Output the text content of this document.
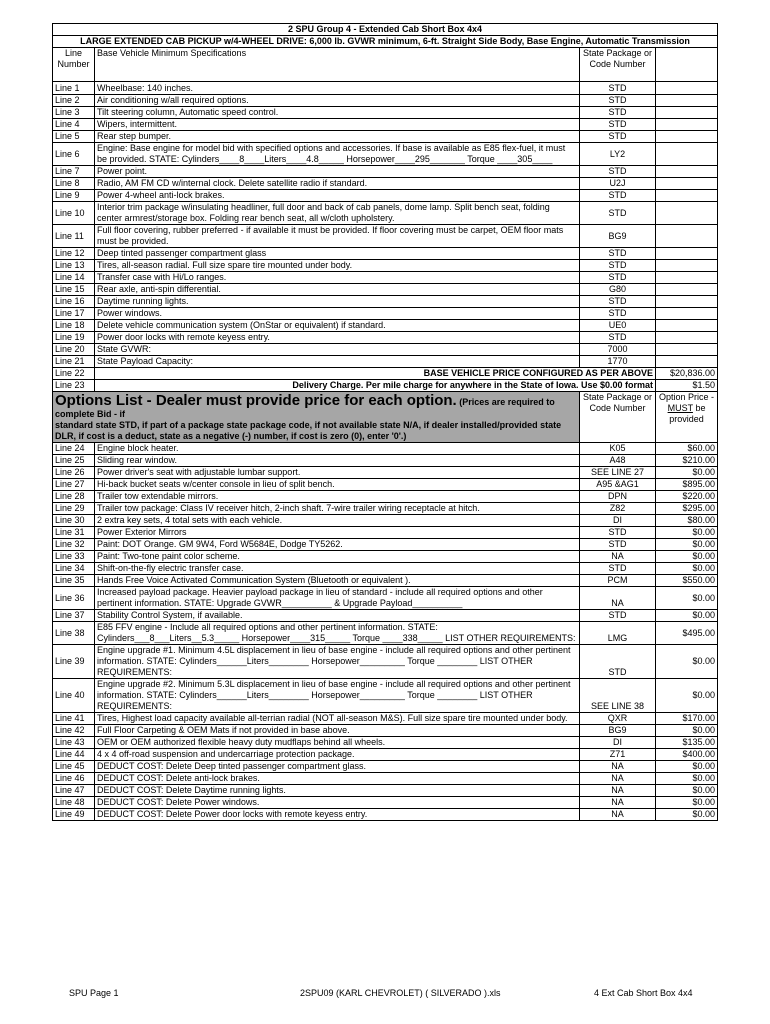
2 SPU Group 4 - Extended Cab Short Box 4x4			
LARGE EXTENDED CAB PICKUP w/4-WHEEL DRIVE: 6,000 lb. GVWR minimum, 6-ft. Straight Side Body, Base Engine, Automatic Transmission			
Line Number	Base Vehicle Minimum Specifications	State Package or Code Number	
Line 1	Wheelbase: 140 inches.	STD	
Line 2	Air conditioning w/all required options.	STD	
Line 3	Tilt steering column, Automatic speed control.	STD	
Line 4	Wipers, intermittent.	STD	
Line 5	Rear step bumper.	STD	
Line 6	Engine: Base engine for model bid with specified options and accessories. If base is available as E85 flex-fuel, it must be provided. STATE: Cylinders____8____Liters____4.8_____ Horsepower____295_______ Torque ____305____	LY2	
Line 7	Power point.	STD	
Line 8	Radio, AM FM CD w/internal clock. Delete satellite radio if standard.	U2J	
Line 9	Power 4-wheel anti-lock brakes.	STD	
Line 10	Interior trim package w/insulating headliner, full door and back of cab panels, dome lamp. Split bench seat, folding center armrest/storage box. Folding rear bench seat, all w/cloth upholstery.	STD	
Line 11	Full floor covering, rubber preferred - if available it must be provided. If floor covering must be carpet, OEM floor mats must be provided.	BG9	
Line 12	Deep tinted passenger compartment glass	STD	
Line 13	Tires, all-season radial. Full size spare tire mounted under body.	STD	
Line 14	Transfer case with Hi/Lo ranges.	STD	
Line 15	Rear axle, anti-spin differential.	G80	
Line 16	Daytime running lights.	STD	
Line 17	Power windows.	STD	
Line 18	Delete vehicle communication system (OnStar or equivalent) if standard.	UE0	
Line 19	Power door locks with remote keyess entry.	STD	
Line 20	State GVWR:	7000	
Line 21	State Payload Capacity:	1770	
Line 22	BASE VEHICLE PRICE CONFIGURED AS PER ABOVE		$20,836.00
Line 23	Delivery Charge. Per mile charge for anywhere in the State of Iowa. Use $0.00 format		$1.50
Options List - Dealer must provide price for each option. (Prices are required to complete Bid - if
standard state STD, if part of a package state package code, if not available state N/A, if dealer installed/provided state DLR, if cost is a deduct, state as a negative (-) number, if cost is zero (0), enter '0'.)		State Package or Code Number	Option Price -
MUST be provided
Line 24	Engine block heater.	K05	$60.00
Line 25	Sliding rear window.	A48	$210.00
Line 26	Power driver's seat with adjustable lumbar support.	SEE LINE 27	$0.00
Line 27	Hi-back bucket seats w/center console in lieu of split bench.	A95 &AG1	$895.00
Line 28	Trailer tow extendable mirrors.	DPN	$220.00
Line 29	Trailer tow package: Class IV receiver hitch, 2-inch shaft. 7-wire trailer wiring receptacle at hitch.	Z82	$295.00
Line 30	2 extra key sets, 4 total sets with each vehicle.	DI	$80.00
Line 31	Power Exterior Mirrors	STD	$0.00
Line 32	Paint: DOT Orange. GM 9W4, Ford W5684E, Dodge TY5262.	STD	$0.00
Line 33	Paint: Two-tone paint color scheme.	NA	$0.00
Line 34	Shift-on-the-fly electric transfer case.	STD	$0.00
Line 35	Hands Free Voice Activated Communication System (Bluetooth or equivalent ).	PCM	$550.00
Line 36	Increased payload package. Heavier payload package in lieu of standard - include all required options and other pertinent information. STATE: Upgrade GVWR__________ & Upgrade Payload__________	NA	$0.00
Line 37	Stability Control System, if available.	STD	$0.00
Line 38	E85 FFV engine - Include all required options and other pertinent information. STATE: Cylinders___8___Liters__5.3_____ Horsepower____315_____ Torque ____338_____ LIST OTHER REQUIREMENTS:	LMG	$495.00
Line 39	Engine upgrade #1. Minimum 4.5L displacement in lieu of base engine - include all required options and other pertinent information. STATE: Cylinders______Liters________ Horsepower_________ Torque ________ LIST OTHER REQUIREMENTS:	STD	$0.00
Line 40	Engine upgrade #2. Minimum 5.3L displacement in lieu of base engine - include all required options and other pertinent information. STATE: Cylinders______Liters________ Horsepower_________ Torque ________ LIST OTHER REQUIREMENTS:	SEE LINE 38	$0.00
Line 41	Tires, Highest load capacity available all-terrian radial (NOT all-season M&S). Full size spare tire mounted under body.	QXR	$170.00
Line 42	Full Floor Carpeting & OEM Mats if not provided in base above.	BG9	$0.00
Line 43	OEM or OEM authorized flexible heavy duty mudflaps behind all wheels.	DI	$135.00
Line 44	4 x 4 off-road suspension and undercarriage protection package.	Z71	$400.00
Line 45	DEDUCT COST: Delete Deep tinted passenger compartment glass.	NA	$0.00
Line 46	DEDUCT COST: Delete anti-lock brakes.	NA	$0.00
Line 47	DEDUCT COST: Delete Daytime running lights.	NA	$0.00
Line 48	DEDUCT COST: Delete Power windows.	NA	$0.00
Line 49	DEDUCT COST: Delete Power door locks with remote keyess entry.	NA	$0.00
SPU Page 1	2SPU09 (KARL CHEVROLET) ( SILVERADO ).xls	4 Ext Cab Short Box 4x4
